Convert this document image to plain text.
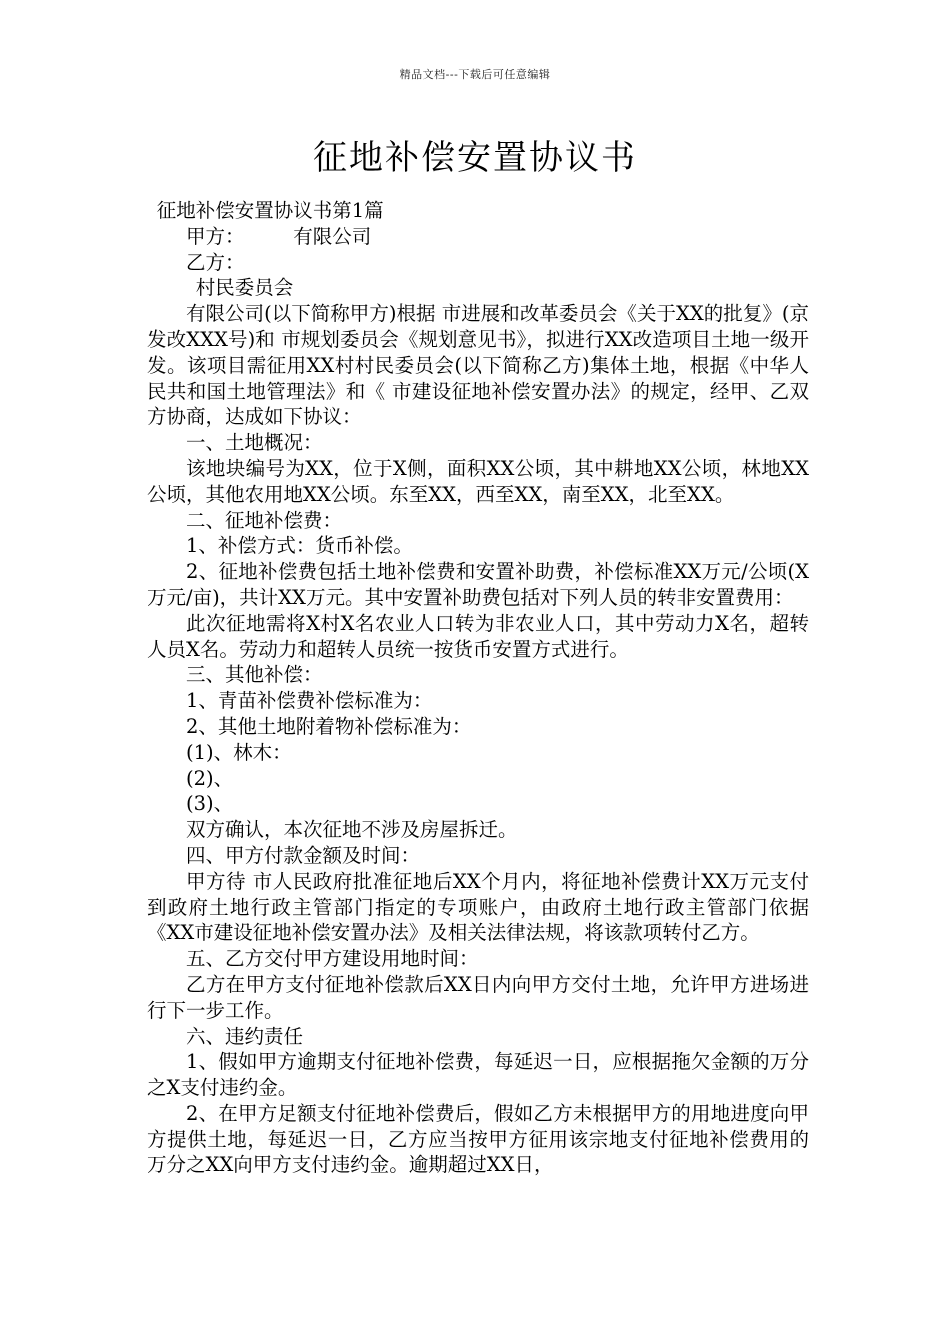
精品文档---下载后可任意编辑
征地补偿安置协议书

征地补偿安置协议书第1篇

甲方：　　　有限公司

乙方：

村民委员会

有限公司(以下简称甲方)根据 市进展和改革委员会《关于XX的批复》(京发改XXX号)和 市规划委员会《规划意见书》，拟进行XX改造项目土地一级开发。该项目需征用XX村村民委员会(以下简称乙方)集体土地，根据《中华人民共和国土地管理法》和《 市建设征地补偿安置办法》的规定，经甲、乙双方协商，达成如下协议：

一、土地概况：

该地块编号为XX，位于X侧，面积XX公顷，其中耕地XX公顷，林地XX公顷，其他农用地XX公顷。东至XX，西至XX，南至XX，北至XX。

二、征地补偿费：

1、补偿方式：货币补偿。

2、征地补偿费包括土地补偿费和安置补助费，补偿标准XX万元/公顷(X万元/亩)，共计XX万元。其中安置补助费包括对下列人员的转非安置费用：

此次征地需将X村X名农业人口转为非农业人口，其中劳动力X名，超转人员X名。劳动力和超转人员统一按货币安置方式进行。

三、其他补偿：

1、青苗补偿费补偿标准为：

2、其他土地附着物补偿标准为：

(1)、林木：

(2)、

(3)、

双方确认，本次征地不涉及房屋拆迁。

四、甲方付款金额及时间：

甲方待 市人民政府批准征地后XX个月内，将征地补偿费计XX万元支付到政府土地行政主管部门指定的专项账户，由政府土地行政主管部门依据《XX市建设征地补偿安置办法》及相关法律法规，将该款项转付乙方。

五、乙方交付甲方建设用地时间：

乙方在甲方支付征地补偿款后XX日内向甲方交付土地，允许甲方进场进行下一步工作。

六、违约责任

1、假如甲方逾期支付征地补偿费，每延迟一日，应根据拖欠金额的万分之X支付违约金。

2、在甲方足额支付征地补偿费后，假如乙方未根据甲方的用地进度向甲方提供土地，每延迟一日，乙方应当按甲方征用该宗地支付征地补偿费用的万分之XX向甲方支付违约金。逾期超过XX日，
